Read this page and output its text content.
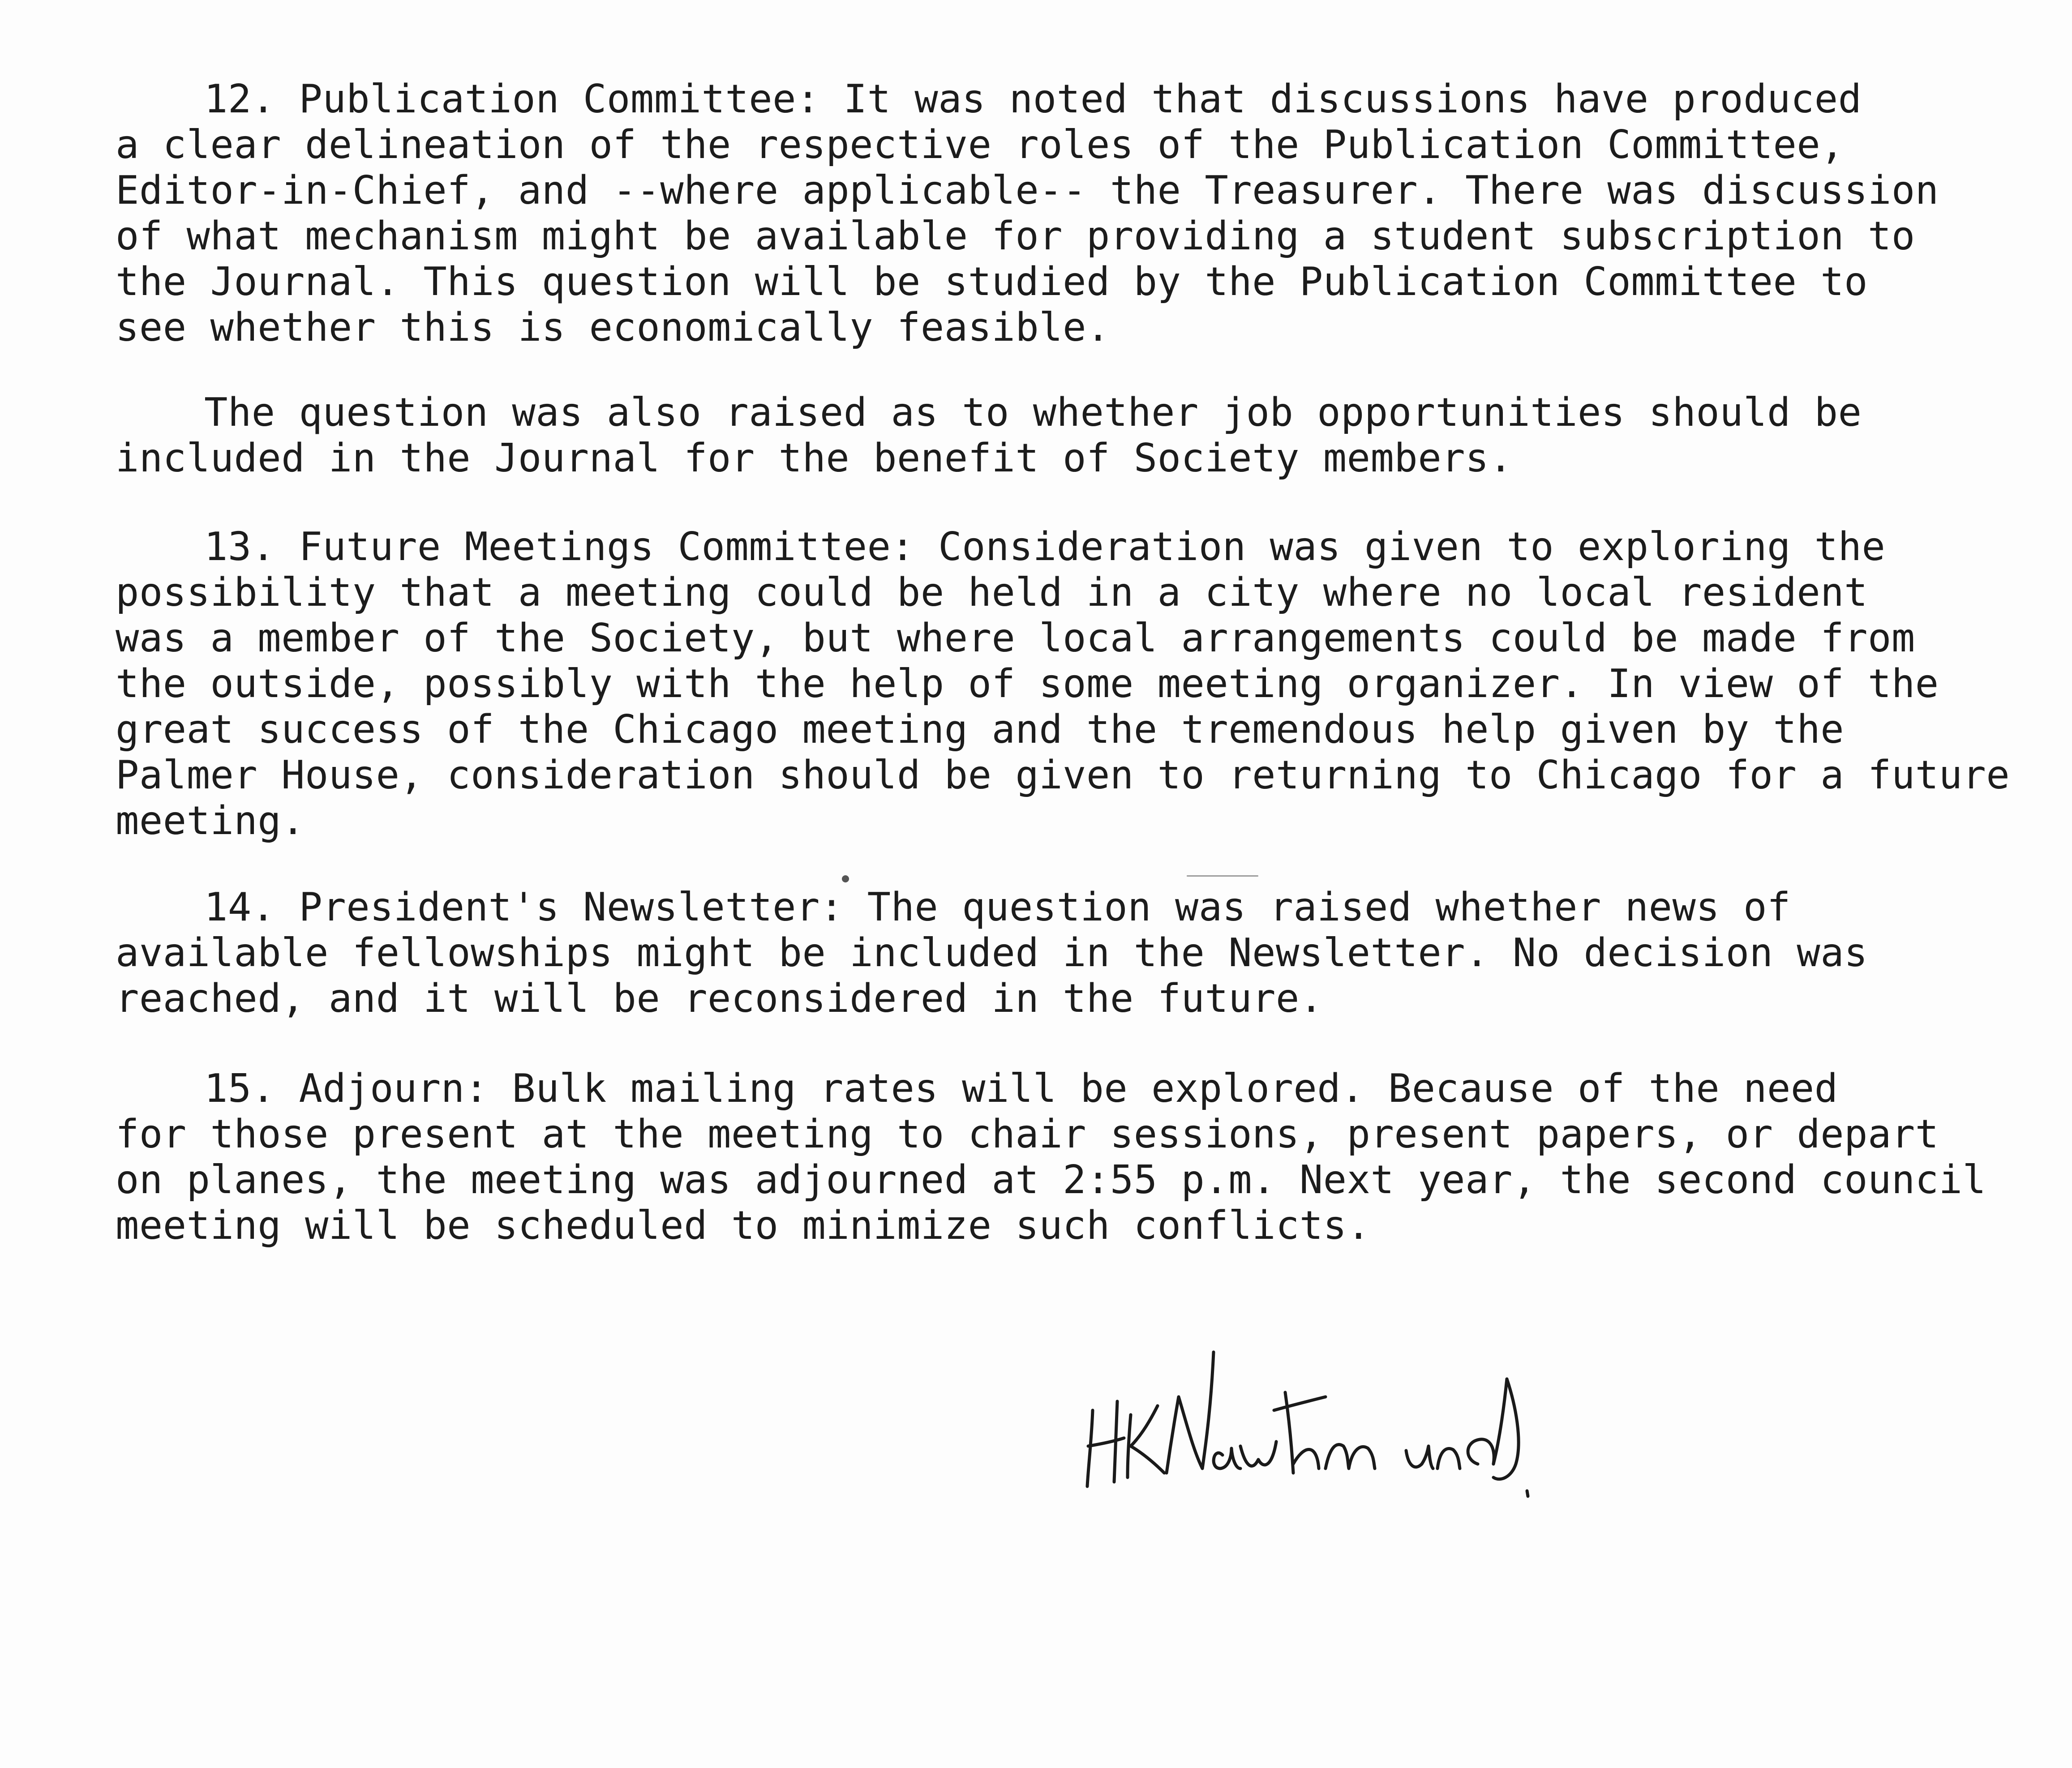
12. Publication Committee: It was noted that discussions have produced
a clear delineation of the respective roles of the Publication Committee,
Editor-in-Chief, and --where applicable-- the Treasurer. There was discussion
of what mechanism might be available for providing a student subscription to
the Journal. This question will be studied by the Publication Committee to
see whether this is economically feasible.
The question was also raised as to whether job opportunities should be
included in the Journal for the benefit of Society members.
13. Future Meetings Committee: Consideration was given to exploring the
possibility that a meeting could be held in a city where no local resident
was a member of the Society, but where local arrangements could be made from
the outside, possibly with the help of some meeting organizer. In view of the
great success of the Chicago meeting and the tremendous help given by the
Palmer House, consideration should be given to returning to Chicago for a future
meeting.
14. President's Newsletter: The question was raised whether news of
available fellowships might be included in the Newsletter. No decision was
reached, and it will be reconsidered in the future.
15. Adjourn: Bulk mailing rates will be explored. Because of the need
for those present at the meeting to chair sessions, present papers, or depart
on planes, the meeting was adjourned at 2:55 p.m. Next year, the second council
meeting will be scheduled to minimize such conflicts.
